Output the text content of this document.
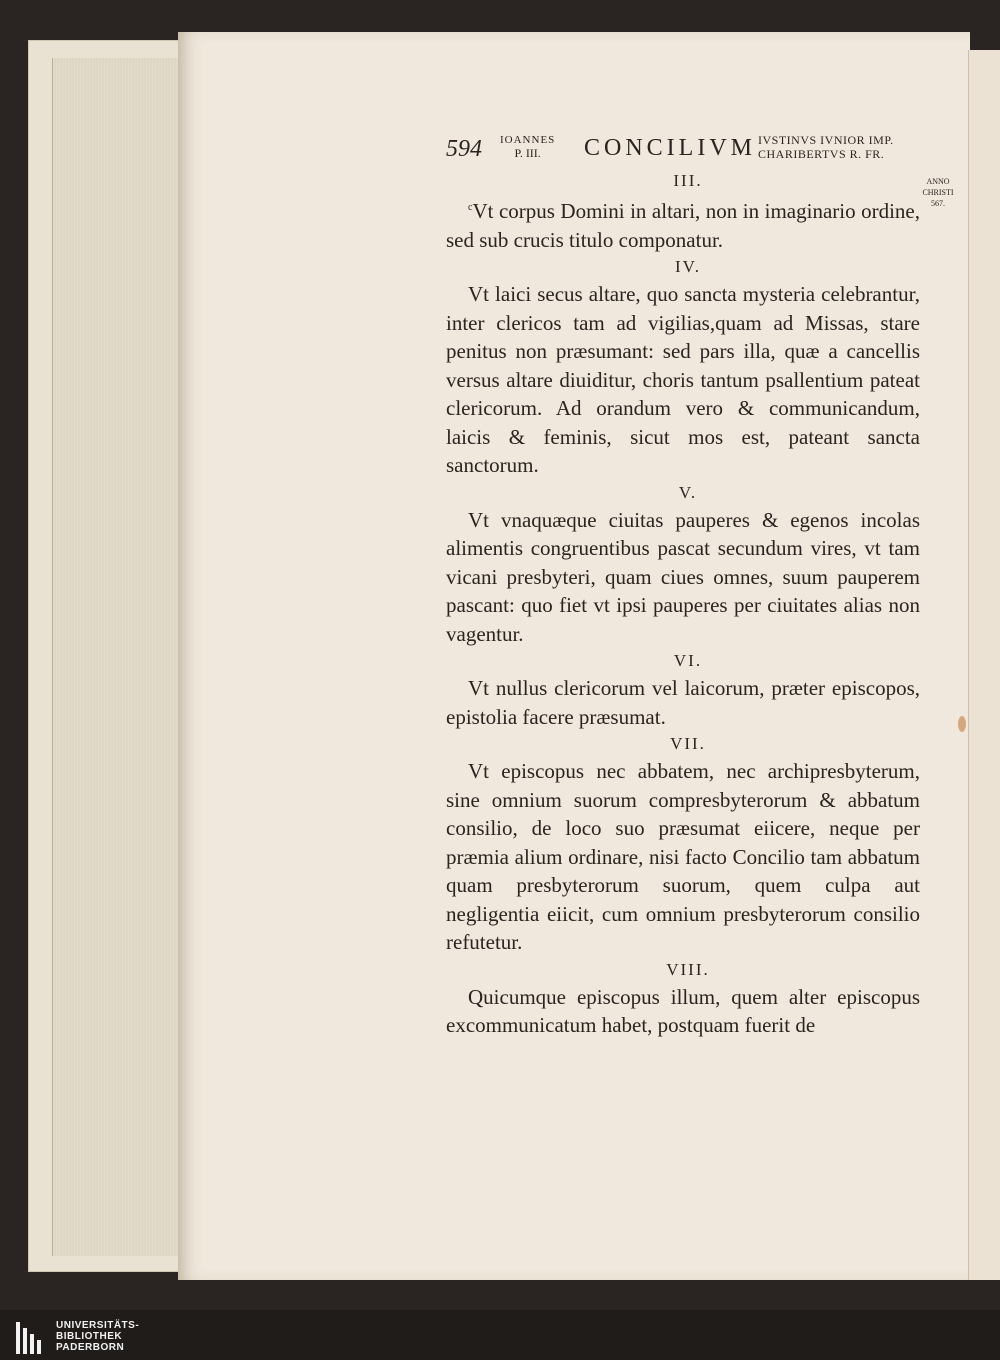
594 IOANNES
P. III.	CONCILIVM IVSTINVS IVNIOR IMP.
CHARIBERTVS R. FR.
ANNO
CHRISTI
567.
III.

$^c$Vt corpus Domini in altari, non in imaginario ordine, sed sub crucis titulo componatur.

IV.

Vt laici secus altare, quo sancta mysteria celebrantur, inter clericos tam ad vigilias,quam ad Missas, stare penitus non præsumant: sed pars illa, quæ a cancellis versus altare diuiditur, choris tantum psallentium pateat clericorum. Ad orandum vero & communicandum, laicis & feminis, sicut mos est, pateant sancta sanctorum.

V.

Vt vnaquæque ciuitas pauperes & egenos incolas alimentis congruentibus pascat secundum vires, vt tam vicani presbyteri, quam ciues omnes, suum pauperem pascant: quo fiet vt ipsi pauperes per ciuitates alias non vagentur.

VI.

Vt nullus clericorum vel laicorum, præter episcopos, epistolia facere præsumat.

VII.

Vt episcopus nec abbatem, nec archipresbyterum, sine omnium suorum compresbyterorum & abbatum consilio, de loco suo præsumat eiicere, neque per præmia alium ordinare, nisi facto Concilio tam abbatum quam presbyterorum suorum, quem culpa aut negligentia eiicit, cum omnium presbyterorum consilio refutetur.

VIII.

Quicumque episcopus illum, quem alter episcopus excommunicatum habet, postquam fuerit de

UNIVERSITÄTS-
BIBLIOTHEK
PADERBORN
